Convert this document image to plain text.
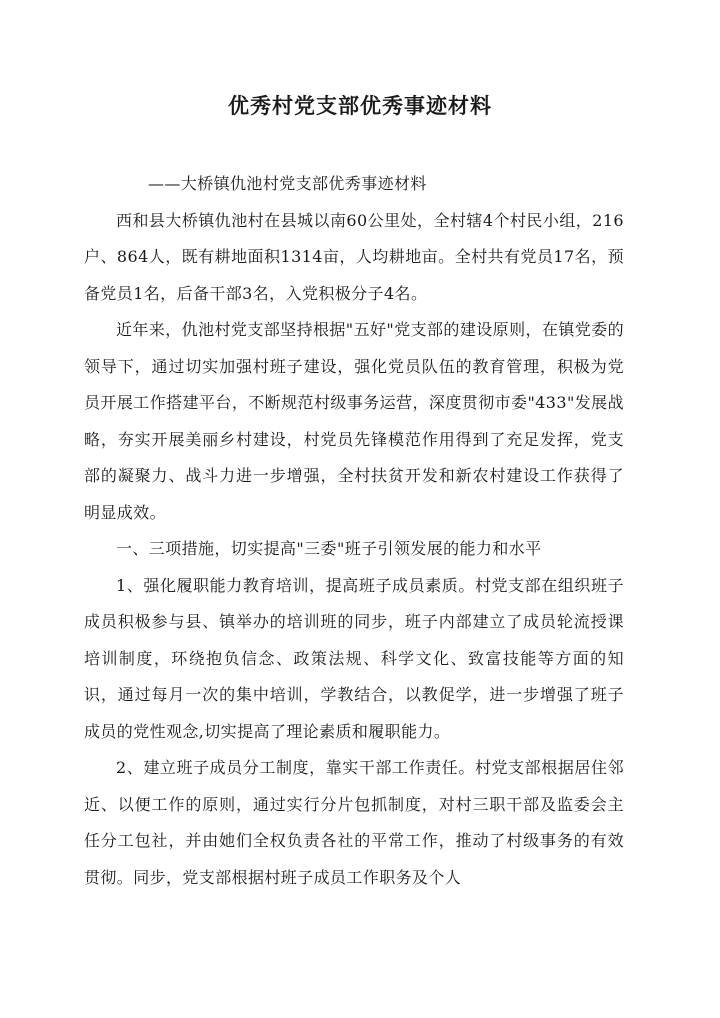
优秀村党支部优秀事迹材料

——大桥镇仇池村党支部优秀事迹材料

西和县大桥镇仇池村在县城以南60公里处，全村辖4个村民小组，216户、864人，既有耕地面积1314亩，人均耕地亩。全村共有党员17名，预备党员1名，后备干部3名，入党积极分子4名。

近年来，仇池村党支部坚持根据"五好"党支部的建设原则，在镇党委的领导下，通过切实加强村班子建设，强化党员队伍的教育管理，积极为党员开展工作搭建平台，不断规范村级事务运营，深度贯彻市委"433"发展战略，夯实开展美丽乡村建设，村党员先锋模范作用得到了充足发挥，党支部的凝聚力、战斗力进一步增强，全村扶贫开发和新农村建设工作获得了明显成效。

一、三项措施，切实提高"三委"班子引领发展的能力和水平

1、强化履职能力教育培训，提高班子成员素质。村党支部在组织班子成员积极参与县、镇举办的培训班的同步，班子内部建立了成员轮流授课培训制度，环绕抱负信念、政策法规、科学文化、致富技能等方面的知识，通过每月一次的集中培训，学教结合，以教促学，进一步增强了班子成员的党性观念,切实提高了理论素质和履职能力。

2、建立班子成员分工制度，靠实干部工作责任。村党支部根据居住邻近、以便工作的原则，通过实行分片包抓制度，对村三职干部及监委会主任分工包社，并由她们全权负责各社的平常工作，推动了村级事务的有效贯彻。同步，党支部根据村班子成员工作职务及个人
